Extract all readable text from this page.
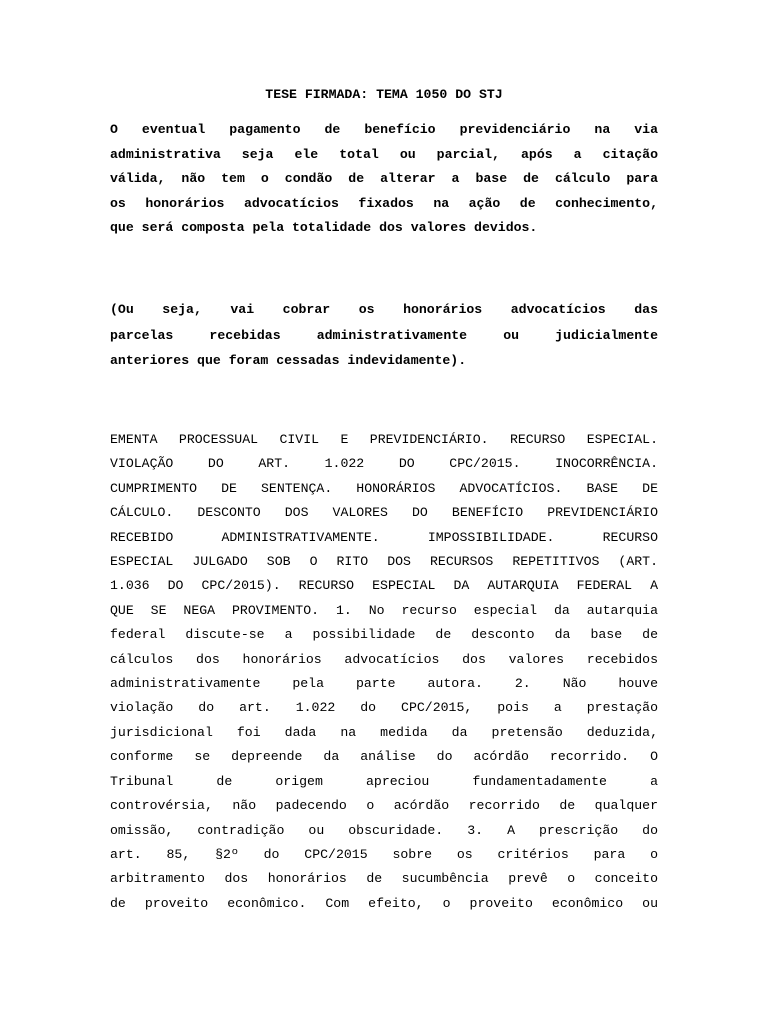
TESE FIRMADA: TEMA 1050 DO STJ
O eventual pagamento de benefício previdenciário na via
administrativa seja ele total ou parcial, após a citação
válida, não tem o condão de alterar a base de cálculo para
os honorários advocatícios fixados na ação de conhecimento,
que será composta pela totalidade dos valores devidos.
(Ou seja, vai cobrar os honorários advocatícios das
parcelas recebidas administrativamente ou judicialmente
anteriores que foram cessadas indevidamente).
EMENTA PROCESSUAL CIVIL E PREVIDENCIÁRIO. RECURSO ESPECIAL.
VIOLAÇÃO DO ART. 1.022 DO CPC/2015. INOCORRÊNCIA.
CUMPRIMENTO DE SENTENÇA. HONORÁRIOS ADVOCATÍCIOS. BASE DE
CÁLCULO. DESCONTO DOS VALORES DO BENEFÍCIO PREVIDENCIÁRIO
RECEBIDO ADMINISTRATIVAMENTE. IMPOSSIBILIDADE. RECURSO
ESPECIAL JULGADO SOB O RITO DOS RECURSOS REPETITIVOS (ART.
1.036 DO CPC/2015). RECURSO ESPECIAL DA AUTARQUIA FEDERAL A
QUE SE NEGA PROVIMENTO. 1. No recurso especial da autarquia
federal discute-se a possibilidade de desconto da base de
cálculos dos honorários advocatícios dos valores recebidos
administrativamente pela parte autora. 2. Não houve
violação do art. 1.022 do CPC/2015, pois a prestação
jurisdicional foi dada na medida da pretensão deduzida,
conforme se depreende da análise do acórdão recorrido. O
Tribunal de origem apreciou fundamentadamente a
controvérsia, não padecendo o acórdão recorrido de qualquer
omissão, contradição ou obscuridade. 3. A prescrição do
art. 85, §2º do CPC/2015 sobre os critérios para o
arbitramento dos honorários de sucumbência prevê o conceito
de proveito econômico. Com efeito, o proveito econômico ou
